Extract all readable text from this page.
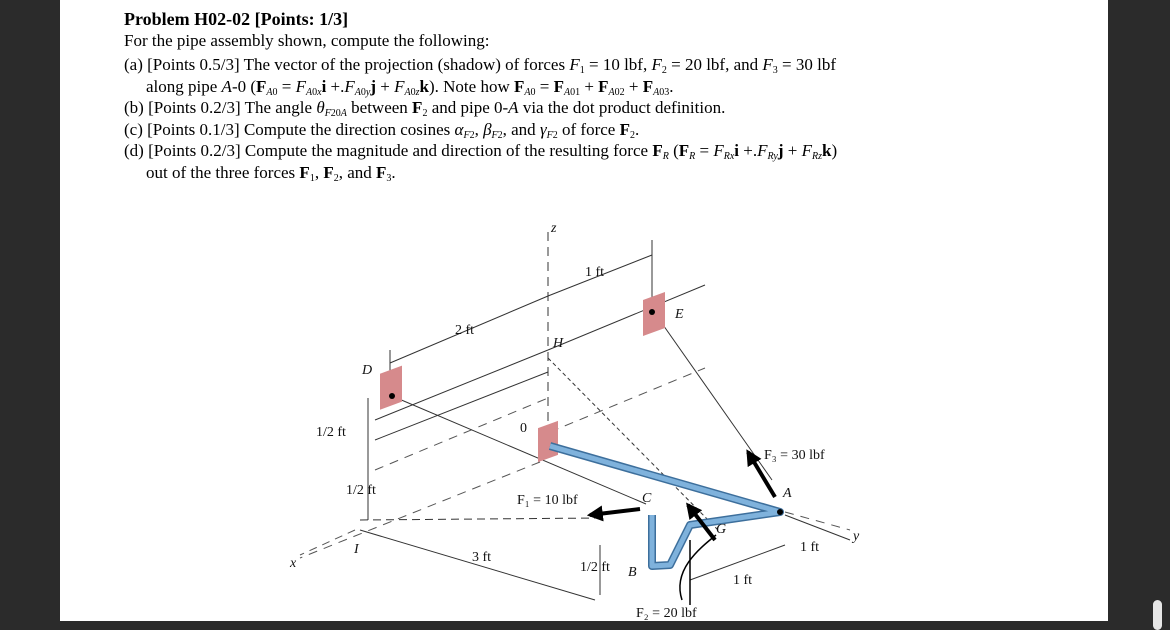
Problem H02-02 [Points: 1/3]
For the pipe assembly shown, compute the following:
(a) [Points 0.5/3] The vector of the projection (shadow) of forces $F_1 = 10$ lbf, $F_2 = 20$ lbf, and $F_3 = 30$ lbf
along pipe A-0 $(F_{A0} = F_{A0x}i +.F_{A0y}j + F_{A0z}k)$. Note how $F_{A0} = F_{A01} + F_{A02} + F_{A03}$.
(b) [Points 0.2/3] The angle $\theta_{F20A}$ between $F_2$ and pipe 0-A via the dot product definition.
(c) [Points 0.1/3] Compute the direction cosines $\alpha_{F2}$, $\beta_{F2}$, and $\gamma_{F2}$ of force $F_2$.
(d) [Points 0.2/3] Compute the magnitude and direction of the resulting force $F_R$ $(F_R = F_{Rx}i +.F_{Ry}j + F_{Rz}k)$
out of the three forces $F_1$, $F_2$, and $F_3$.
z
1 ft
2 ft
E
H
D
1/2 ft	0
F₃ = 30 lbf
1/2 ft
F₁ = 10 lbf	C	A
G	y
1 ft
I
3 ft
x	1/2 ft B
1 ft
F₂ = 20 lbf
